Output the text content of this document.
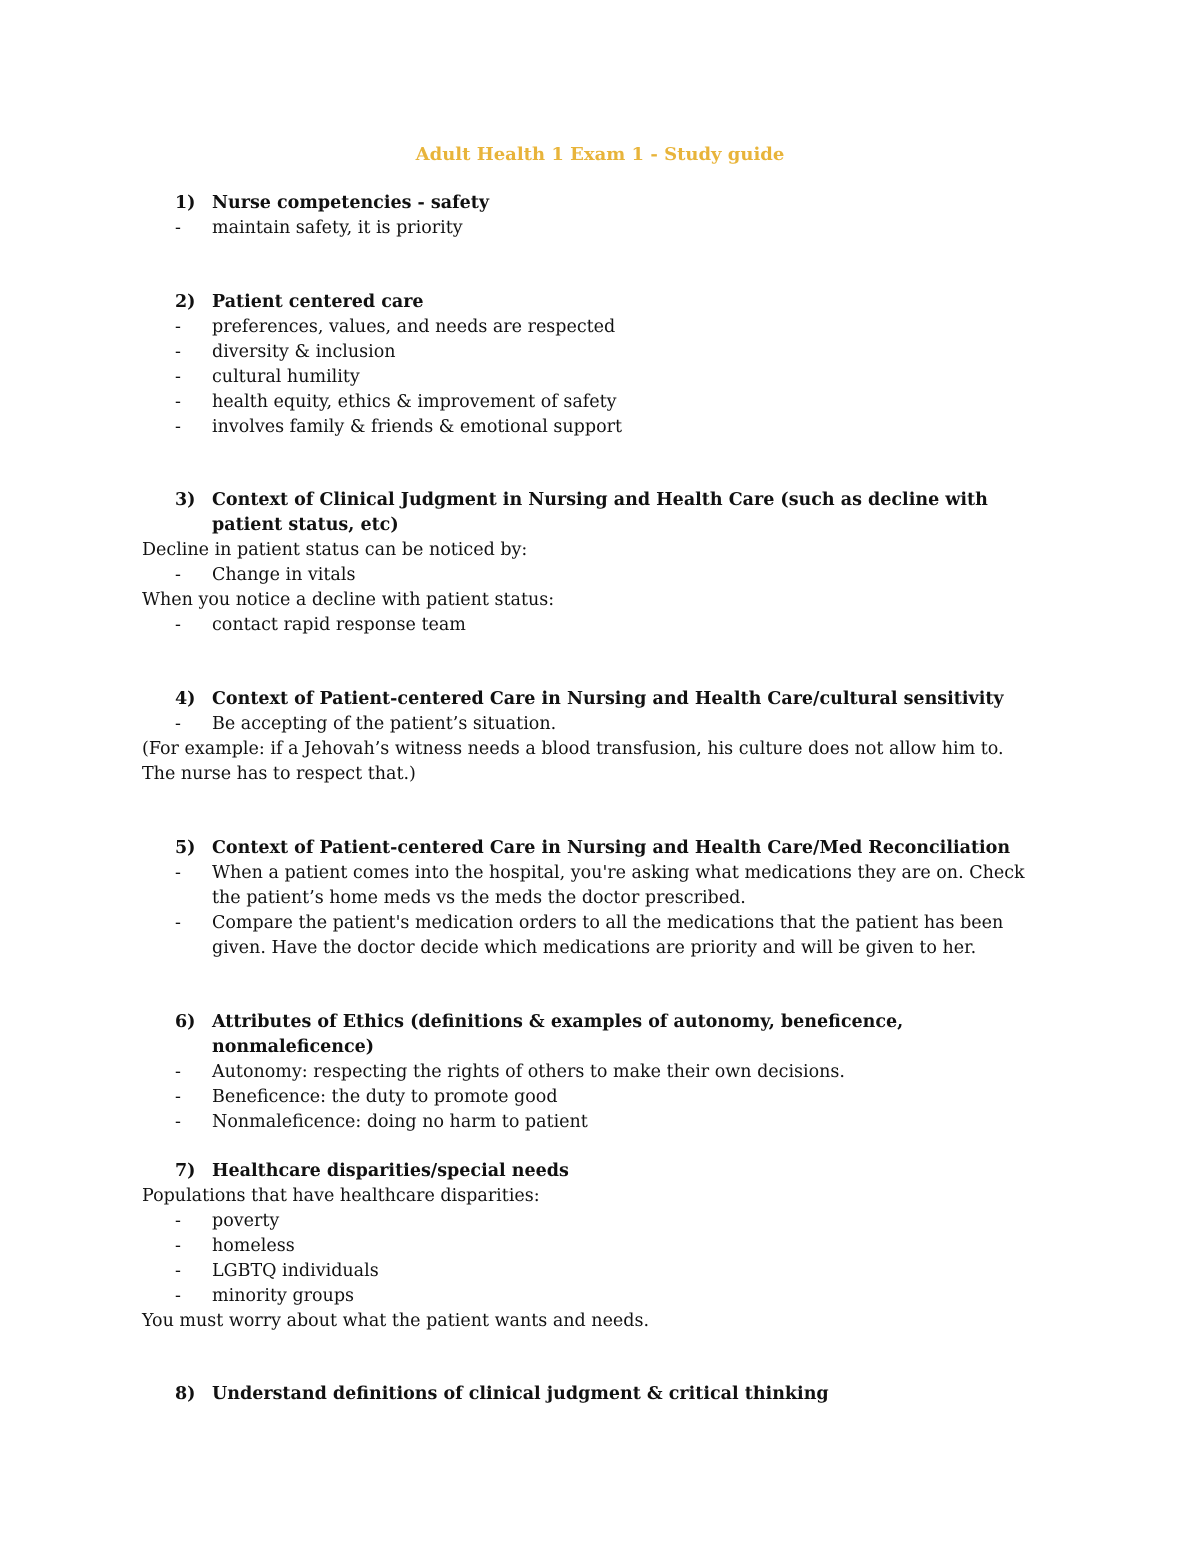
Adult Health 1 Exam 1 - Study guide
1) Nurse competencies - safety
- maintain safety, it is priority
2) Patient centered care
- preferences, values, and needs are respected
- diversity & inclusion
- cultural humility
- health equity, ethics & improvement of safety
- involves family & friends & emotional support
3) Context of Clinical Judgment in Nursing and Health Care (such as decline with patient status, etc)
Decline in patient status can be noticed by:
- Change in vitals
When you notice a decline with patient status:
- contact rapid response team
4) Context of Patient-centered Care in Nursing and Health Care/cultural sensitivity
- Be accepting of the patient’s situation.
(For example: if a Jehovah’s witness needs a blood transfusion, his culture does not allow him to. The nurse has to respect that.)
5) Context of Patient-centered Care in Nursing and Health Care/Med Reconciliation
- When a patient comes into the hospital, you're asking what medications they are on. Check the patient’s home meds vs the meds the doctor prescribed.
- Compare the patient's medication orders to all the medications that the patient has been given. Have the doctor decide which medications are priority and will be given to her.
6) Attributes of Ethics (definitions & examples of autonomy, beneficence, nonmaleficence)
- Autonomy: respecting the rights of others to make their own decisions.
- Beneficence: the duty to promote good
- Nonmaleficence: doing no harm to patient
7) Healthcare disparities/special needs
Populations that have healthcare disparities:
- poverty
- homeless
- LGBTQ individuals
- minority groups
You must worry about what the patient wants and needs.
8) Understand definitions of clinical judgment & critical thinking
